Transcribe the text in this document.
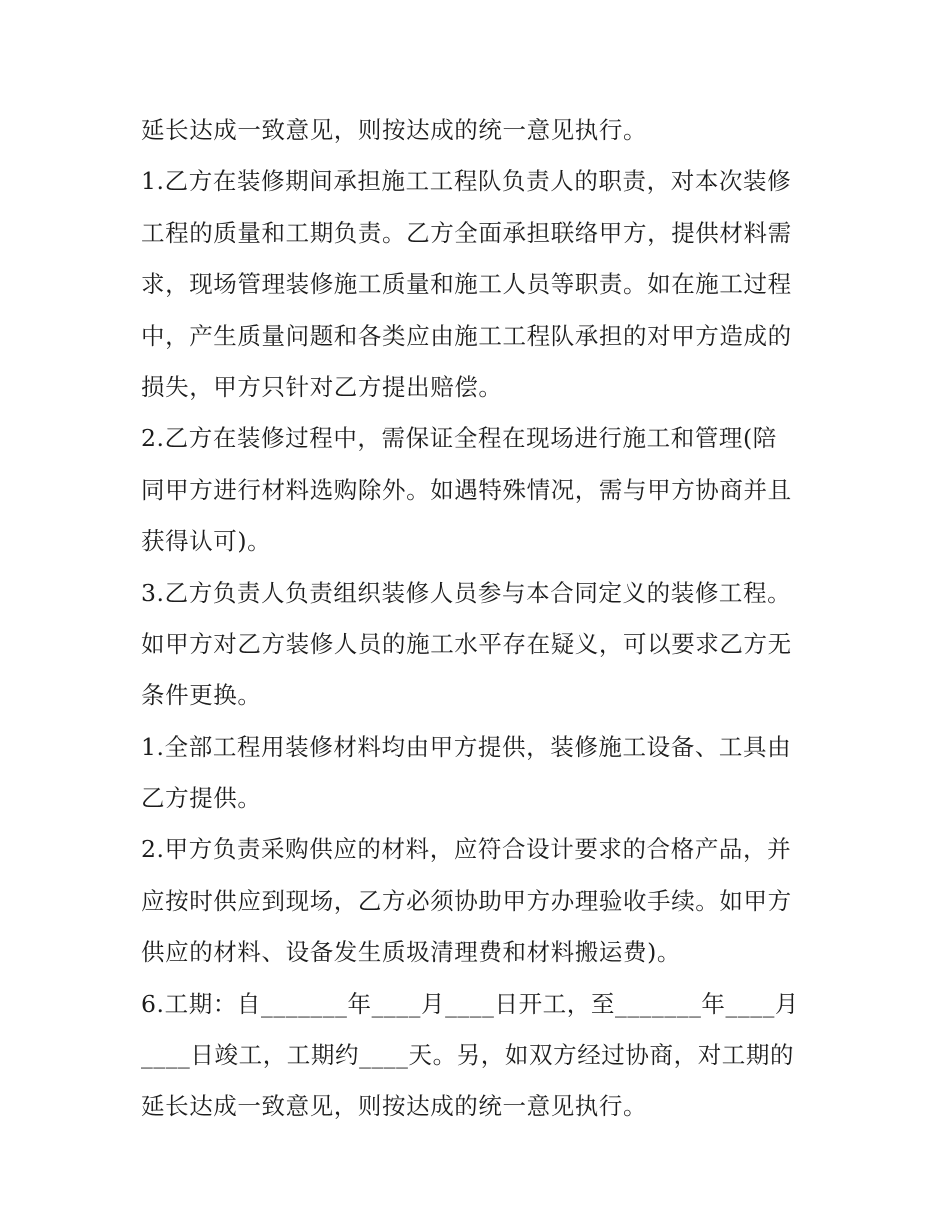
延长达成一致意见，则按达成的统一意见执行。
1.乙方在装修期间承担施工工程队负责人的职责，对本次装修
工程的质量和工期负责。乙方全面承担联络甲方，提供材料需
求，现场管理装修施工质量和施工人员等职责。如在施工过程
中，产生质量问题和各类应由施工工程队承担的对甲方造成的
损失，甲方只针对乙方提出赔偿。
2.乙方在装修过程中，需保证全程在现场进行施工和管理(陪
同甲方进行材料选购除外。如遇特殊情况，需与甲方协商并且
获得认可)。
3.乙方负责人负责组织装修人员参与本合同定义的装修工程。
如甲方对乙方装修人员的施工水平存在疑义，可以要求乙方无
条件更换。
1.全部工程用装修材料均由甲方提供，装修施工设备、工具由
乙方提供。
2.甲方负责采购供应的材料，应符合设计要求的合格产品，并
应按时供应到现场，乙方必须协助甲方办理验收手续。如甲方
供应的材料、设备发生质圾清理费和材料搬运费)。
6.工期：自_______年____月____日开工，至_______年____月
____日竣工，工期约____天。另，如双方经过协商，对工期的
延长达成一致意见，则按达成的统一意见执行。
